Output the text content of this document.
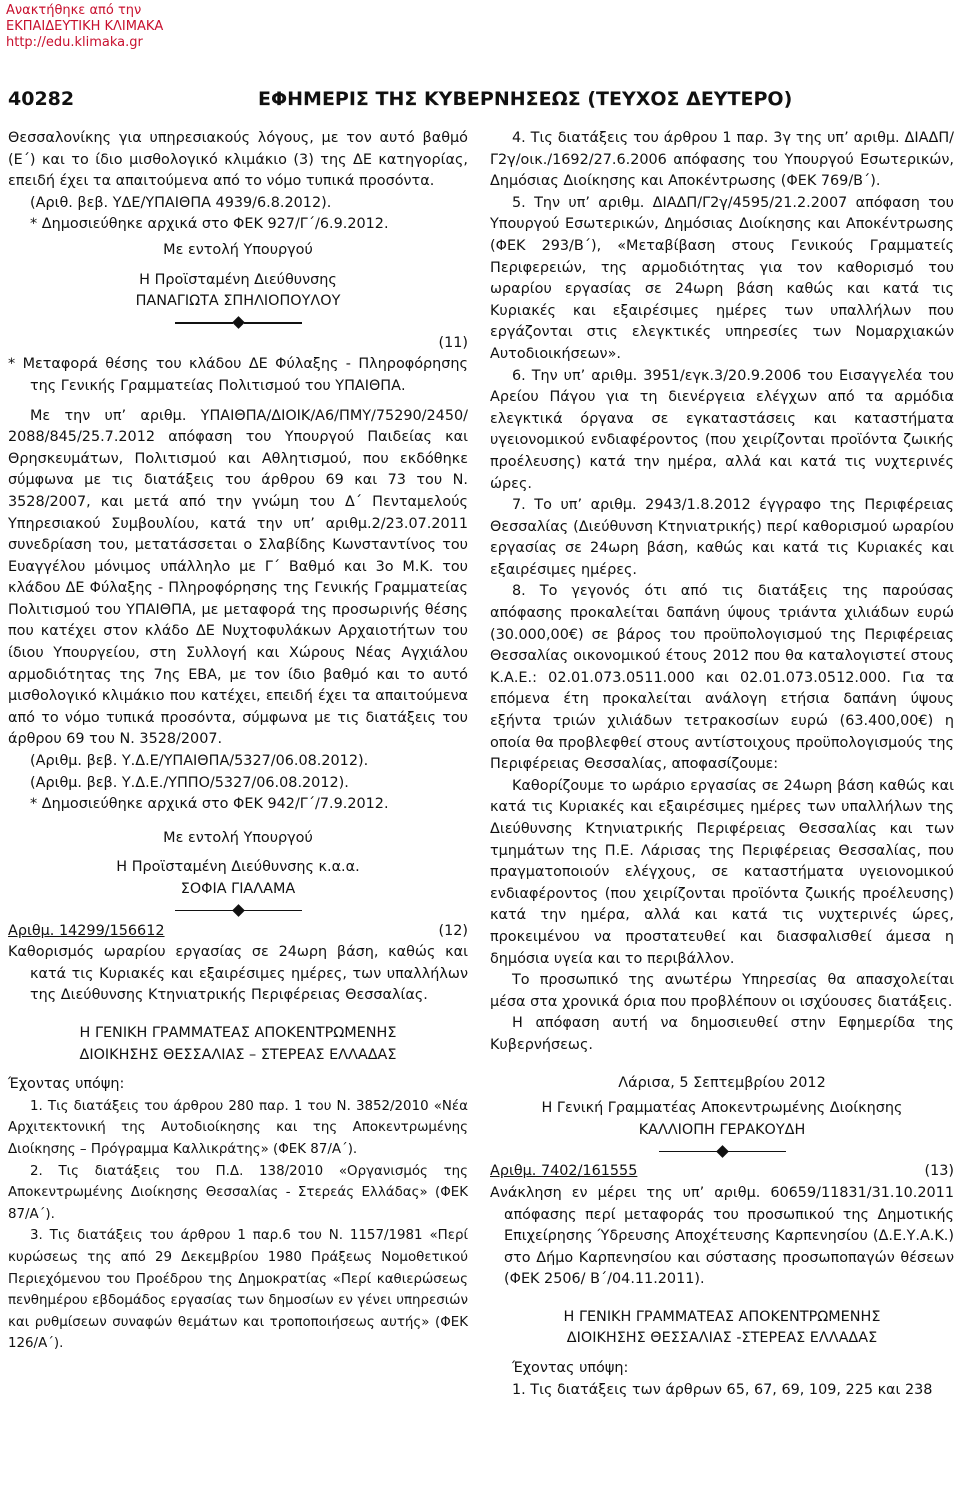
Ανακτήθηκε από την
ΕΚΠΑΙΔΕΥΤΙΚΗ ΚΛΙΜΑΚΑ
http://edu.klimaka.gr
40282	ΕΦΗΜΕΡΙΣ ΤΗΣ ΚΥΒΕΡΝΗΣΕΩΣ (ΤΕΥΧΟΣ ΔΕΥΤΕΡΟ)

Θεσσαλονίκης για υπηρεσιακούς λόγους, με τον αυτό βαθμό (Ε΄) και το ίδιο μισθολογικό κλιμάκιο (3) της ΔΕ κατηγορίας, επειδή έχει τα απαιτούμενα από το νόμο τυπικά προσόντα.

(Αριθ. βεβ. ΥΔΕ/ΥΠΑΙΘΠΑ 4939/6.8.2012).

* Δημοσιεύθηκε αρχικά στο ΦΕΚ 927/Γ΄/6.9.2012.

Με εντολή Υπουργού

Η Προϊσταμένη Διεύθυνσης

ΠΑΝΑΓΙΩΤΑ ΣΠΗΛΙΟΠΟΥΛΟΥ

(11)

* Μεταφορά θέσης του κλάδου ΔΕ Φύλαξης - Πληροφόρησης της Γενικής Γραμματείας Πολιτισμού του ΥΠΑΙΘΠΑ.

Με την υπ’ αριθμ. ΥΠΑΙΘΠΑ/ΔΙΟΙΚ/Α6/ΠΜΥ/75290/2450/ 2088/845/25.7.2012 απόφαση του Υπουργού Παιδείας και Θρησκευμάτων, Πολιτισμού και Αθλητισμού, που εκδόθηκε σύμφωνα με τις διατάξεις του άρθρου 69 και 73 του Ν. 3528/2007, και μετά από την γνώμη του Δ΄ Πενταμελούς Υπηρεσιακού Συμβουλίου, κατά την υπ’ αριθμ.2/23.07.2011 συνεδρίαση του, μετατάσσεται ο Σλαβίδης Κωνσταντίνος του Ευαγγέλου μόνιμος υπάλληλο με Γ΄ Βαθμό και 3ο Μ.Κ. του κλάδου ΔΕ Φύλαξης - Πληροφόρησης της Γενικής Γραμματείας Πολιτισμού του ΥΠΑΙΘΠΑ, με μεταφορά της προσωρινής θέσης που κατέχει στον κλάδο ΔΕ Νυχτοφυλάκων Αρχαιοτήτων του ίδιου Υπουργείου, στη Συλλογή και Χώρους Νέας Αγχιάλου αρμοδιότητας της 7ης ΕΒΑ, με τον ίδιο βαθμό και το αυτό μισθολογικό κλιμάκιο που κατέχει, επειδή έχει τα απαιτούμενα από το νόμο τυπικά προσόντα, σύμφωνα με τις διατάξεις του άρθρου 69 του Ν. 3528/2007.

(Αριθμ. βεβ. Υ.Δ.Ε/ΥΠΑΙΘΠΑ/5327/06.08.2012).

(Αριθμ. βεβ. Υ.Δ.Ε./ΥΠΠΟ/5327/06.08.2012).

* Δημοσιεύθηκε αρχικά στο ΦΕΚ 942/Γ΄/7.9.2012.

Με εντολή Υπουργού

Η Προϊσταμένη Διεύθυνσης κ.α.α.

ΣΟΦΙΑ ΓΙΑΛΑΜΑ

Αριθμ. 14299/156612	(12)

Καθορισμός ωραρίου εργασίας σε 24ωρη βάση, καθώς και κατά τις Κυριακές και εξαιρέσιμες ημέρες, των υπαλλήλων της Διεύθυνσης Κτηνιατρικής Περιφέρειας Θεσσαλίας.

Η ΓΕΝΙΚΗ ΓΡΑΜΜΑΤΕΑΣ ΑΠΟΚΕΝΤΡΩΜΕΝΗΣ

ΔΙΟΙΚΗΣΗΣ ΘΕΣΣΑΛΙΑΣ – ΣΤΕΡΕΑΣ ΕΛΛΑΔΑΣ

Έχοντας υπόψη:

1. Τις διατάξεις του άρθρου 280 παρ. 1 του Ν. 3852/2010 «Νέα Αρχιτεκτονική της Αυτοδιοίκησης και της Αποκεντρωμένης Διοίκησης – Πρόγραμμα Καλλικράτης» (ΦΕΚ 87/Α΄).

2. Τις διατάξεις του Π.Δ. 138/2010 «Οργανισμός της Αποκεντρωμένης Διοίκησης Θεσσαλίας - Στερεάς Ελλάδας» (ΦΕΚ 87/Α΄).

3. Τις διατάξεις του άρθρου 1 παρ.6 του Ν. 1157/1981 «Περί κυρώσεως της από 29 Δεκεμβρίου 1980 Πράξεως Νομοθετικού Περιεχόμενου του Προέδρου της Δημοκρατίας «Περί καθιερώσεως πενθημέρου εβδομάδος εργασίας των δημοσίων εν γένει υπηρεσιών και ρυθμίσεων συναφών θεμάτων και τροποποιήσεως αυτής» (ΦΕΚ 126/Α΄).

4. Τις διατάξεις του άρθρου 1 παρ. 3γ της υπ’ αριθμ. ΔΙΑΔΠ/Γ2γ/οικ./1692/27.6.2006 απόφασης του Υπουργού Εσωτερικών, Δημόσιας Διοίκησης και Αποκέντρωσης (ΦΕΚ 769/Β΄).

5. Την υπ’ αριθμ. ΔΙΑΔΠ/Γ2γ/4595/21.2.2007 απόφαση του Υπουργού Εσωτερικών, Δημόσιας Διοίκησης και Αποκέντρωσης (ΦΕΚ 293/Β΄), «Μεταβίβαση στους Γενικούς Γραμματείς Περιφερειών, της αρμοδιότητας για τον καθορισμό του ωραρίου εργασίας σε 24ωρη βάση καθώς και κατά τις Κυριακές και εξαιρέσιμες ημέρες των υπαλλήλων που εργάζονται στις ελεγκτικές υπηρεσίες των Νομαρχιακών Αυτοδιοικήσεων».

6. Την υπ’ αριθμ. 3951/εγκ.3/20.9.2006 του Εισαγγελέα του Αρείου Πάγου για τη διενέργεια ελέγχων από τα αρμόδια ελεγκτικά όργανα σε εγκαταστάσεις και καταστήματα υγειονομικού ενδιαφέροντος (που χειρίζονται προϊόντα ζωικής προέλευσης) κατά την ημέρα, αλλά και κατά τις νυχτερινές ώρες.

7. Το υπ’ αριθμ. 2943/1.8.2012 έγγραφο της Περιφέρειας Θεσσαλίας (Διεύθυνση Κτηνιατρικής) περί καθορισμού ωραρίου εργασίας σε 24ωρη βάση, καθώς και κατά τις Κυριακές και εξαιρέσιμες ημέρες.

8. Το γεγονός ότι από τις διατάξεις της παρούσας απόφασης προκαλείται δαπάνη ύψους τριάντα χιλιάδων ευρώ (30.000,00€) σε βάρος του προϋπολογισμού της Περιφέρειας Θεσσαλίας οικονομικού έτους 2012 που θα καταλογιστεί στους Κ.Α.Ε.: 02.01.073.0511.000 και 02.01.073.0512.000. Για τα επόμενα έτη προκαλείται ανάλογη ετήσια δαπάνη ύψους εξήντα τριών χιλιάδων τετρακοσίων ευρώ (63.400,00€) η οποία θα προβλεφθεί στους αντίστοιχους προϋπολογισμούς της Περιφέρειας Θεσσαλίας, αποφασίζουμε:

Καθορίζουμε το ωράριο εργασίας σε 24ωρη βάση καθώς και κατά τις Κυριακές και εξαιρέσιμες ημέρες των υπαλλήλων της Διεύθυνσης Κτηνιατρικής Περιφέρειας Θεσσαλίας και των τμημάτων της Π.Ε. Λάρισας της Περιφέρειας Θεσσαλίας, που πραγματοποιούν ελέγχους, σε καταστήματα υγειονομικού ενδιαφέροντος (που χειρίζονται προϊόντα ζωικής προέλευσης) κατά την ημέρα, αλλά και κατά τις νυχτερινές ώρες, προκειμένου να προστατευθεί και διασφαλισθεί άμεσα η δημόσια υγεία και το περιβάλλον.

Το προσωπικό της ανωτέρω Υπηρεσίας θα απασχολείται μέσα στα χρονικά όρια που προβλέπουν οι ισχύουσες διατάξεις.

Η απόφαση αυτή να δημοσιευθεί στην Εφημερίδα της Κυβερνήσεως.

Λάρισα, 5 Σεπτεμβρίου 2012

Η Γενική Γραμματέας Αποκεντρωμένης Διοίκησης

ΚΑΛΛΙΟΠΗ ΓΕΡΑΚΟΥΔΗ

Αριθμ. 7402/161555	(13)

Ανάκληση εν μέρει της υπ’ αριθμ. 60659/11831/31.10.2011 απόφασης περί μεταφοράς του προσωπικού της Δημοτικής Επιχείρησης Ύδρευσης Αποχέτευσης Καρπενησίου (Δ.Ε.Υ.Α.Κ.) στο Δήμο Καρπενησίου και σύστασης προσωποπαγών θέσεων (ΦΕΚ 2506/ Β΄/04.11.2011).

Η ΓΕΝΙΚΗ ΓΡΑΜΜΑΤΕΑΣ ΑΠΟΚΕΝΤΡΩΜΕΝΗΣ

ΔΙΟΙΚΗΣΗΣ ΘΕΣΣΑΛΙΑΣ -ΣΤΕΡΕΑΣ ΕΛΛΑΔΑΣ

Έχοντας υπόψη:

1. Τις διατάξεις των άρθρων 65, 67, 69, 109, 225 και 238
